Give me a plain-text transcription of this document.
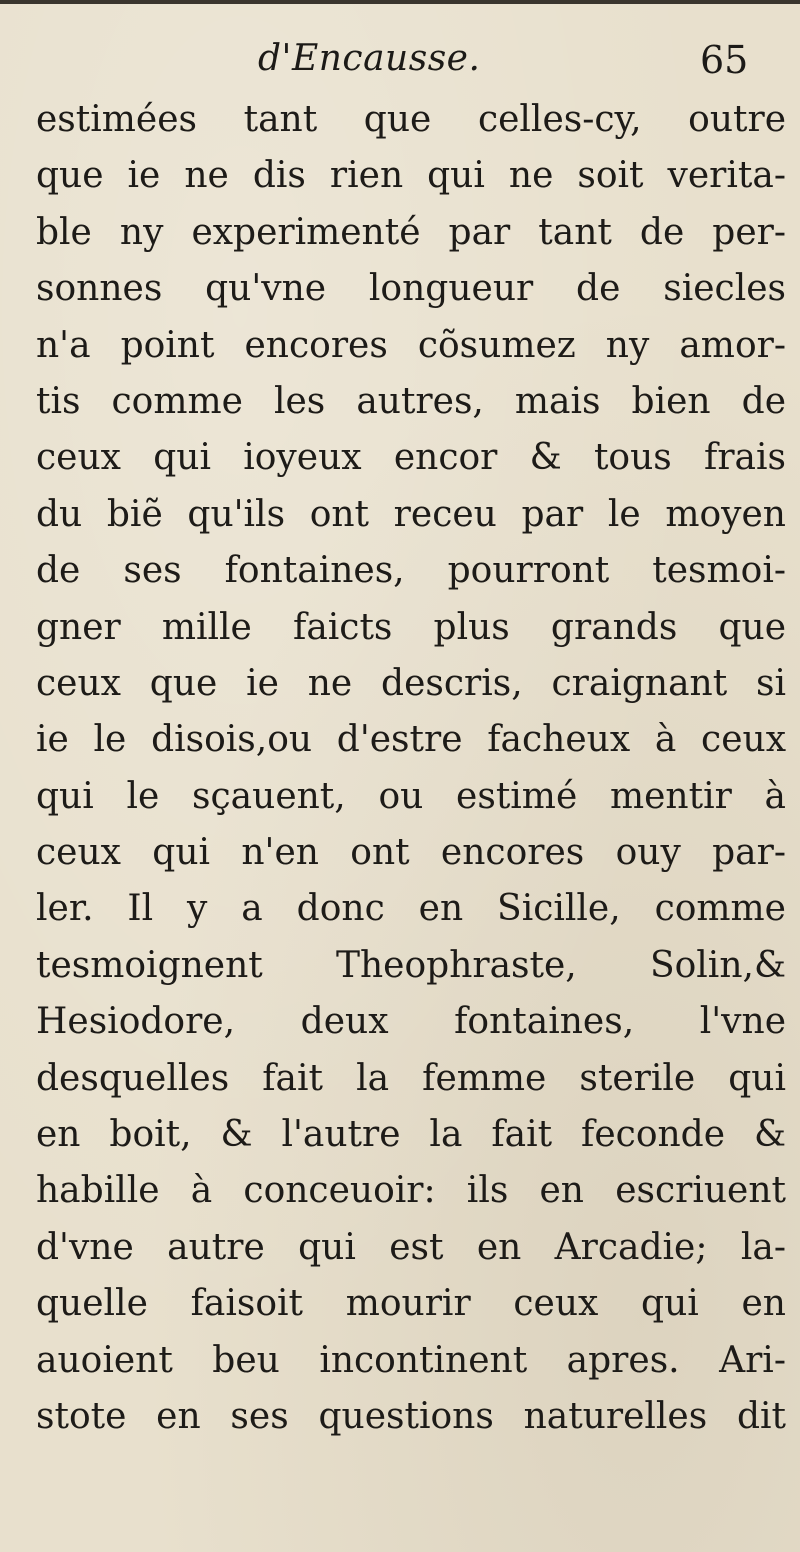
d'Encausse.	65
estimées tant que celles-cy, outre
que ie ne dis rien qui ne soit verita-
ble ny experimenté par tant de per-
sonnes qu'vne longueur de siecles
n'a point encores cõsumez ny amor-
tis comme les autres, mais bien de
ceux qui ioyeux encor & tous frais
du biẽ qu'ils ont receu par le moyen
de ses fontaines, pourront tesmoi-
gner mille faicts plus grands que
ceux que ie ne descris, craignant si
ie le disois,ou d'estre facheux à ceux
qui le sçauent, ou estimé mentir à
ceux qui n'en ont encores ouy par-
ler. Il y a donc en Sicille, comme
tesmoignent Theophraste, Solin,&
Hesiodore, deux fontaines, l'vne
desquelles fait la femme sterile qui
en boit, & l'autre la fait feconde &
habille à conceuoir: ils en escriuent
d'vne autre qui est en Arcadie; la-
quelle faisoit mourir ceux qui en
auoient beu incontinent apres. Ari-
stote en ses questions naturelles dit
